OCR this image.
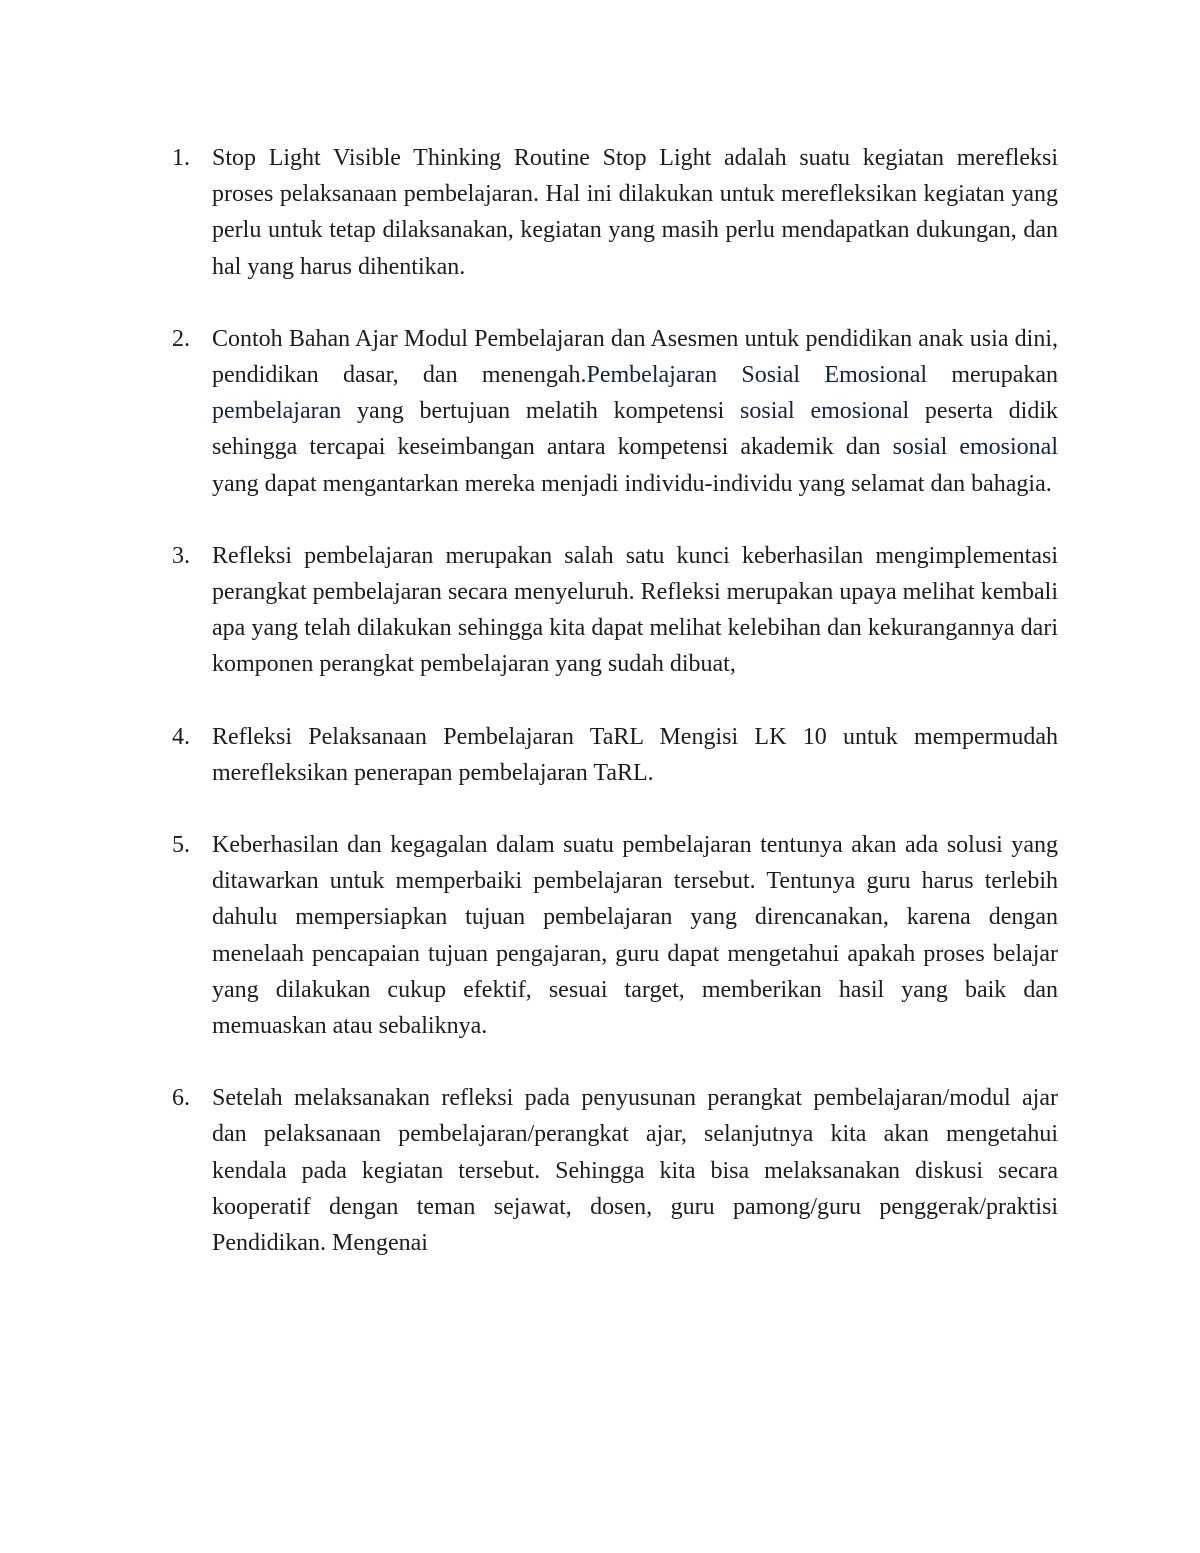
1. Stop Light Visible Thinking Routine Stop Light adalah suatu kegiatan merefleksi proses pelaksanaan pembelajaran. Hal ini dilakukan untuk merefleksikan kegiatan yang perlu untuk tetap dilaksanakan, kegiatan yang masih perlu mendapatkan dukungan, dan hal yang harus dihentikan.
2. Contoh Bahan Ajar Modul Pembelajaran dan Asesmen untuk pendidikan anak usia dini, pendidikan dasar, dan menengah.Pembelajaran Sosial Emosional merupakan pembelajaran yang bertujuan melatih kompetensi sosial emosional peserta didik sehingga tercapai keseimbangan antara kompetensi akademik dan sosial emosional yang dapat mengantarkan mereka menjadi individu-individu yang selamat dan bahagia.
3. Refleksi pembelajaran merupakan salah satu kunci keberhasilan mengimplementasi perangkat pembelajaran secara menyeluruh. Refleksi merupakan upaya melihat kembali apa yang telah dilakukan sehingga kita dapat melihat kelebihan dan kekurangannya dari komponen perangkat pembelajaran yang sudah dibuat,
4. Refleksi Pelaksanaan Pembelajaran TaRL Mengisi LK 10 untuk mempermudah merefleksikan penerapan pembelajaran TaRL.
5. Keberhasilan dan kegagalan dalam suatu pembelajaran tentunya akan ada solusi yang ditawarkan untuk memperbaiki pembelajaran tersebut. Tentunya guru harus terlebih dahulu mempersiapkan tujuan pembelajaran yang direncanakan, karena dengan menelaah pencapaian tujuan pengajaran, guru dapat mengetahui apakah proses belajar yang dilakukan cukup efektif, sesuai target, memberikan hasil yang baik dan memuaskan atau sebaliknya.
6. Setelah melaksanakan refleksi pada penyusunan perangkat pembelajaran/modul ajar dan pelaksanaan pembelajaran/perangkat ajar, selanjutnya kita akan mengetahui kendala pada kegiatan tersebut. Sehingga kita bisa melaksanakan diskusi secara kooperatif dengan teman sejawat, dosen, guru pamong/guru penggerak/praktisi Pendidikan. Mengenai
